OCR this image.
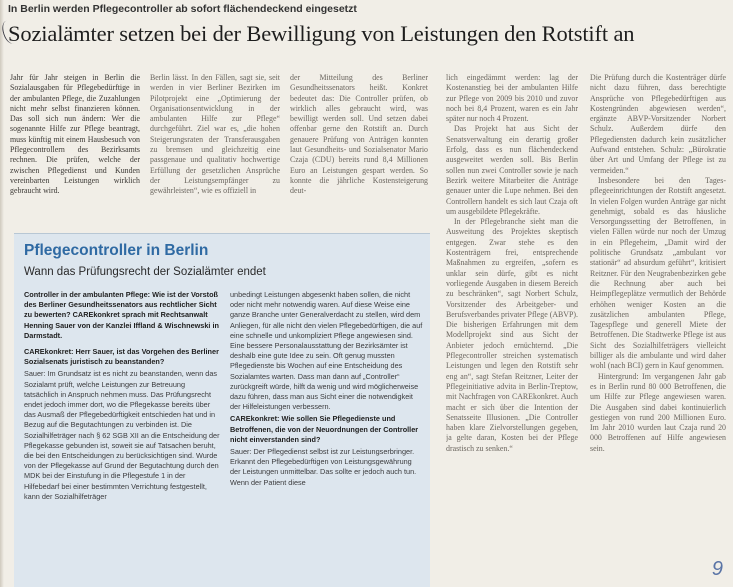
In Berlin werden Pflegecontroller ab sofort flächendeckend eingesetzt
Sozialämter setzen bei der Bewilligung von Leistungen den Rotstift an

Jahr für Jahr steigen in Berlin die Sozialausgaben für Pflegebedürftige in der ambulanten Pflege, die Zuzahlungen nicht mehr selbst finanzieren können. Das soll sich nun ändern: Wer die sogenannte Hilfe zur Pflege beantragt, muss künftig mit einem Hausbesuch von Pflegecontrollern des Bezirksamts rechnen. Die prüfen, welche der zwischen Pflegedienst und Kunden vereinbarten Leistungen wirklich gebraucht wird.

Berlin lässt. In den Fällen, sagt sie, seit werden in vier Berliner Bezirken im Pilotprojekt eine „Optimierung der Organisationsentwicklung in der ambulanten Hilfe zur Pflege“ durchgeführt. Ziel war es, „die hohen Steigerungsraten der Transferausgaben zu bremsen und gleichzeitig eine passgenaue und qualitativ hochwertige Erfüllung der gesetzlichen Ansprüche der Leistungsempfänger zu gewährleisten“, wie es offiziell in

der Mitteilung des Berliner Gesundheitssenators heißt. Konkret bedeutet das: Die Controller prüfen, ob wirklich alles gebraucht wird, was bewilligt werden soll. Und setzen dabei offenbar gerne den Rotstift an. Durch genauere Prüfung von Anträgen konnten laut Gesundheits- und Sozialsenator Mario Czaja (CDU) bereits rund 8,4 Millionen Euro an Leistungen gespart werden. So konnte die jährliche Kostensteigerung deut-

lich eingedämmt werden: lag der Kostenanstieg bei der ambulanten Hilfe zur Pflege von 2009 bis 2010 und zuvor noch bei 8,4 Prozent, waren es ein Jahr später nur noch 4 Prozent.

Das Projekt hat aus Sicht der Senatsverwaltung ein derartig großer Erfolg, dass es nun flächendeckend ausgeweitet werden soll. Bis Berlin sollen nun zwei Controller sowie je nach Bezirk weitere Mitarbeiter die Anträge genauer unter die Lupe nehmen. Bei den Controllern handelt es sich laut Czaja oft um ausgebildete Pflegekräfte.

In der Pflegebranche sieht man die Ausweitung des Projektes skeptisch entgegen. Zwar stehe es den Kostenträgern frei, entsprechende Maßnahmen zu ergreifen, „sofern es unklar sein dürfe, gibt es nicht vorliegende Ausgaben in diesem Bereich zu beschränken“, sagt Norbert Schulz, Vorsitzender des Arbeitgeber- und Berufsverbandes privater Pflege (ABVP). Die bisherigen Erfahrungen mit dem Modellprojekt sind aus Sicht der Anbieter jedoch ernüchternd. „Die Pflegecontroller streichen systematisch Leistungen und legen den Rotstift sehr eng an“, sagt Stefan Reitzner, Leiter der Pflegeinitiative advita in Berlin-Treptow, mit Nachfragen von CAREkonkret. Auch macht er sich über die Intention der Senatsseite Illusionen. „Die Controller haben klare Zielvorstellungen gegeben, ja gelte daran, Kosten bei der Pflege drastisch zu senken.“

Die Prüfung durch die Kostenträger dürfe nicht dazu führen, dass berechtigte Ansprüche von Pflegebedürftigen aus Kostengründen abgewiesen werden“, ergänzte ABVP-Vorsitzender Norbert Schulz. Außerdem dürfe den Pflegediensten dadurch kein zusätzlicher Aufwand entstehen. Schulz: „Bürokratie über Art und Umfang der Pflege ist zu vermeiden.“

Insbesondere bei den Tages-pflegeeinrichtungen der Rotstift angesetzt. In vielen Folgen wurden Anträge gar nicht genehmigt, sobald es das häusliche Versorgungssetting der Betroffenen, in vielen Fällen würde nur noch der Umzug in ein Pflegeheim, „Damit wird der politische Grundsatz „ambulant vor stationär“ ad absurdum geführt“, kritisiert Reitzner. Für den Neugrabenbezirken gebe die Rechnung aber auch bei Heimpflegeplätze vermutlich der Behörde erhöhen weniger Kosten an die zusätzlichen ambulanten Pflege, Tagespflege und generell Miete der Betroffenen. Die Stadtwerke Pflege ist aus Sicht des Sozialhilfeträgers vielleicht billiger als die ambulante und wird daher wohl (nach BCI) gern in Kauf genommen.

Hintergrund: Im vergangenen Jahr gab es in Berlin rund 80 000 Betroffenen, die um Hilfe zur Pflege angewiesen waren. Die Ausgaben sind dabei kontinuierlich gestiegen von rund 200 Millionen Euro. Im Jahr 2010 wurden laut Czaja rund 20 000 Betroffenen auf Hilfe angewiesen sein.

Pflegecontroller in Berlin
Wann das Prüfungsrecht der Sozialämter endet

Controller in der ambulanten Pflege: Wie ist der Vorstoß des Berliner Gesundheitssenators aus rechtlicher Sicht zu bewerten? CAREkonkret sprach mit Rechtsanwalt Henning Sauer von der Kanzlei Iffland & Wischnewski in Darmstadt.

CAREkonkret: Herr Sauer, ist das Vorgehen des Berliner Sozialsenats juristisch zu beanstanden?

Sauer: Im Grundsatz ist es nicht zu beanstanden, wenn das Sozialamt prüft, welche Leistungen zur Betreuung tatsächlich in Anspruch nehmen muss. Das Prüfungsrecht endet jedoch immer dort, wo die Pflegekasse bereits über das Ausmaß der Pflegebedürftigkeit entschieden hat und in Bezug auf die Begutachtungen zu verbinden ist. Die Sozialhilfeträger nach § 62 SGB XII an die Entscheidung der Pflegekasse gebunden ist, soweit sie auf Tatsachen beruht, die bei den Entscheidungen zu berücksichtigen sind. Wurde von der Pflegekasse auf Grund der Begutachtung durch den MDK bei der Einstufung in die Pflegestufe 1 in der Hilfebedarf bei einer bestimmten Verrichtung festgestellt, kann der Sozialhilfeträger

unbedingt Leistungen abgesenkt haben sollen, die nicht oder nicht mehr notwendig waren. Auf diese Weise eine ganze Branche unter Generalverdacht zu stellen, wird dem Anliegen, für alle nicht den vielen Pflegebedürftigen, die auf eine schnelle und unkompliziert Pflege angewiesen sind. Eine bessere Personalausstattung der Bezirksämter ist deshalb eine gute Idee zu sein. Oft genug mussten Pflegedienste bis Wochen auf eine Entscheidung des Sozialamtes warten. Dass man dann auf „Controller“ zurückgreift würde, hilft da wenig und wird möglicherweise dazu führen, dass man aus Sicht einer die notwendigkeit der Hilfeleistungen verbessern.

CAREkonkret: Wie sollen Sie Pflegedienste und Betroffenen, die von der Neuordnungen der Controller nicht einverstanden sind?

Sauer: Der Pflegedienst selbst ist zur Leistungserbringer. Erkannt den Pflegebedürftigen von Leistungsgewährung der Leistungen unmittelbar. Das sollte er jedoch auch tun. Wenn der Patient diese

9
